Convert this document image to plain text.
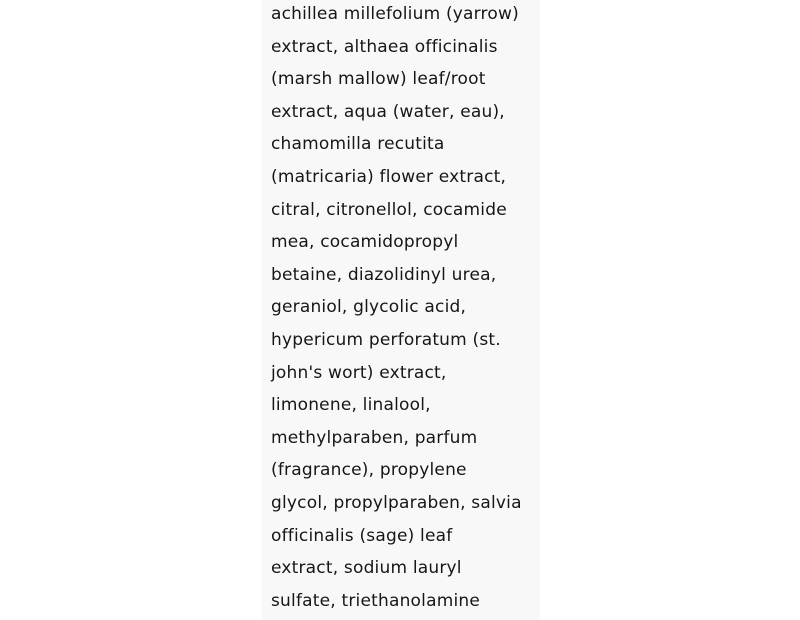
achillea millefolium (yarrow)
extract, althaea officinalis
(marsh mallow) leaf/root
extract, aqua (water, eau),
chamomilla recutita
(matricaria) flower extract,
citral, citronellol, cocamide
mea, cocamidopropyl
betaine, diazolidinyl urea,
geraniol, glycolic acid,
hypericum perforatum (st.
john's wort) extract,
limonene, linalool,
methylparaben, parfum
(fragrance), propylene
glycol, propylparaben, salvia
officinalis (sage) leaf
extract, sodium lauryl
sulfate, triethanolamine
